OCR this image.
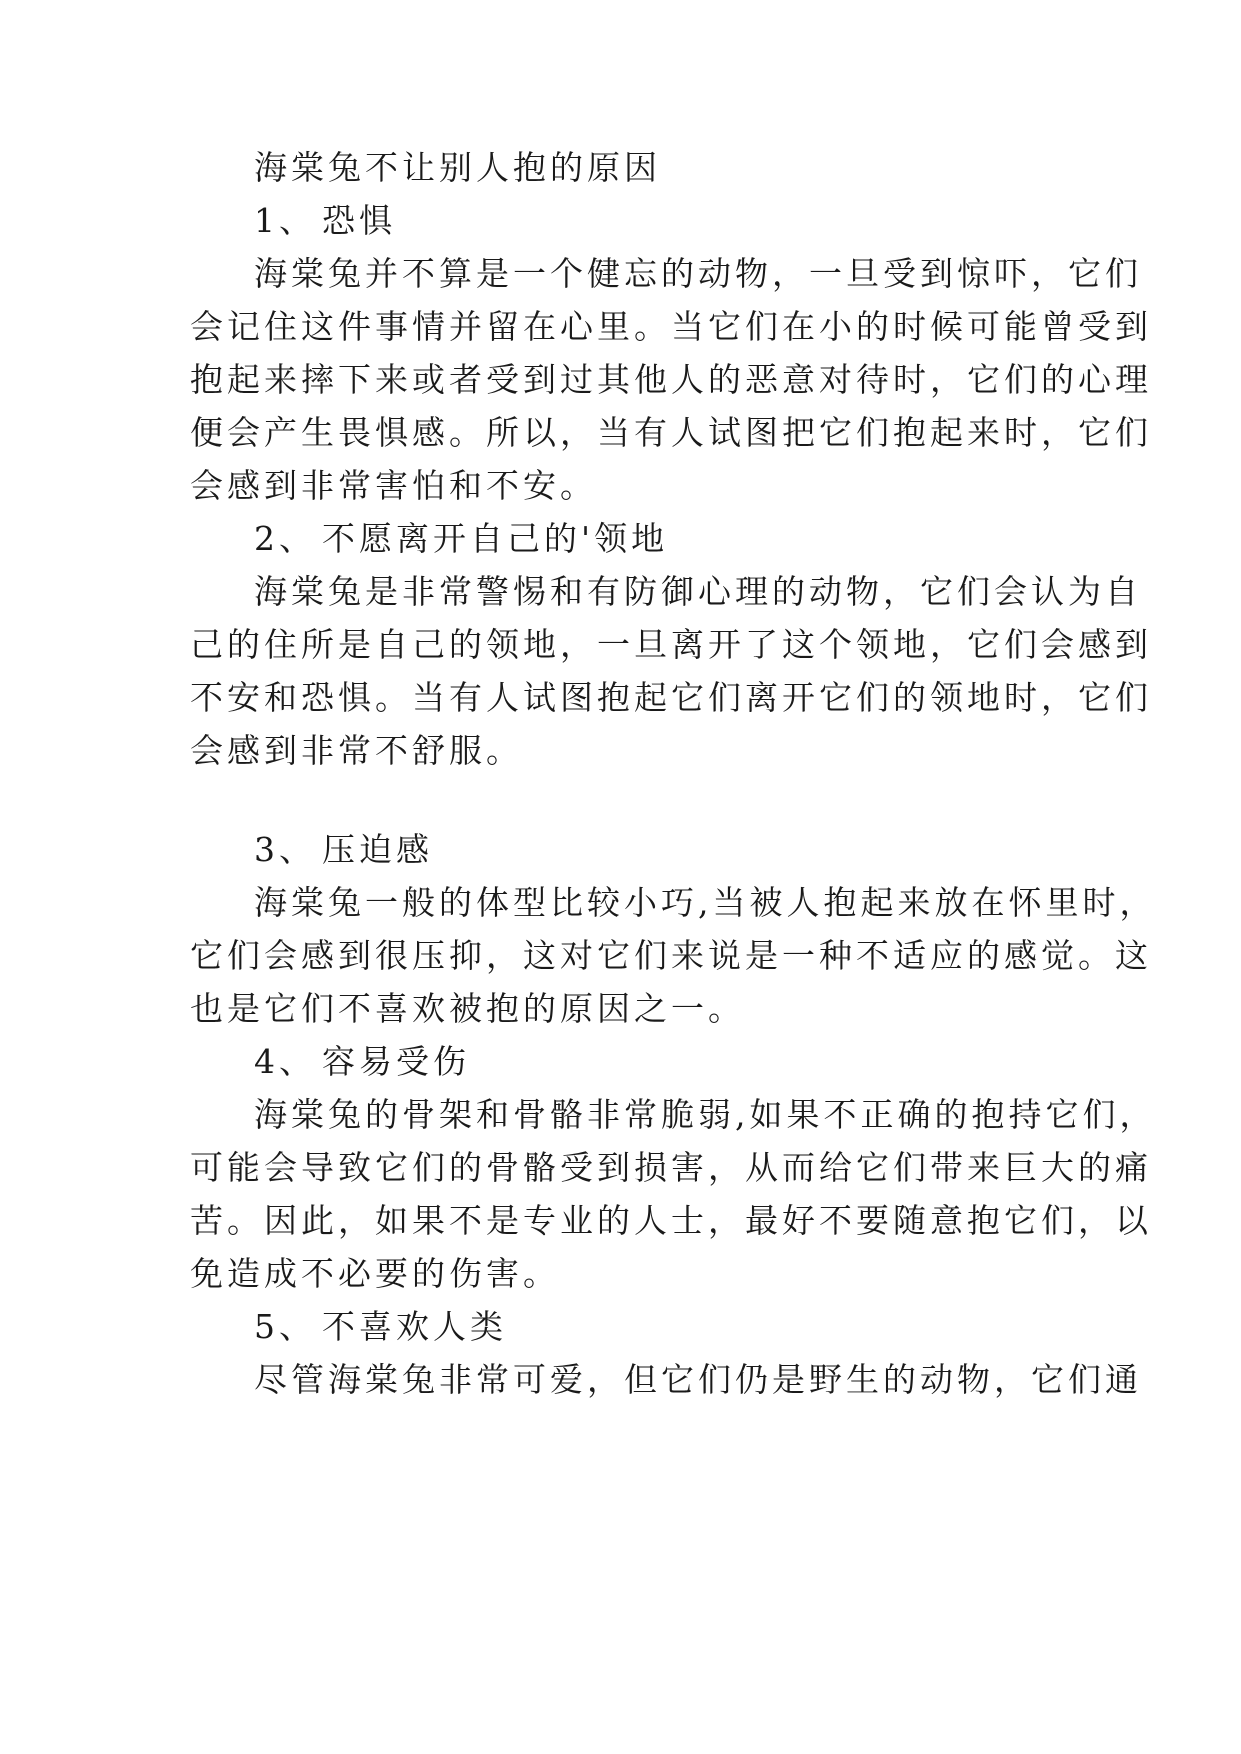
海棠兔不让别人抱的原因
1、 恐惧
海棠兔并不算是一个健忘的动物，一旦受到惊吓，它们
会记住这件事情并留在心里。当它们在小的时候可能曾受到
抱起来摔下来或者受到过其他人的恶意对待时，它们的心理
便会产生畏惧感。所以，当有人试图把它们抱起来时，它们
会感到非常害怕和不安。
2、 不愿离开自己的'领地
海棠兔是非常警惕和有防御心理的动物，它们会认为自
己的住所是自己的领地，一旦离开了这个领地，它们会感到
不安和恐惧。当有人试图抱起它们离开它们的领地时，它们
会感到非常不舒服。
3、 压迫感
海棠兔一般的体型比较小巧,当被人抱起来放在怀里时，
它们会感到很压抑，这对它们来说是一种不适应的感觉。这
也是它们不喜欢被抱的原因之一。
4、 容易受伤
海棠兔的骨架和骨骼非常脆弱,如果不正确的抱持它们，
可能会导致它们的骨骼受到损害，从而给它们带来巨大的痛
苦。因此，如果不是专业的人士，最好不要随意抱它们，以
免造成不必要的伤害。
5、 不喜欢人类
尽管海棠兔非常可爱，但它们仍是野生的动物，它们通
